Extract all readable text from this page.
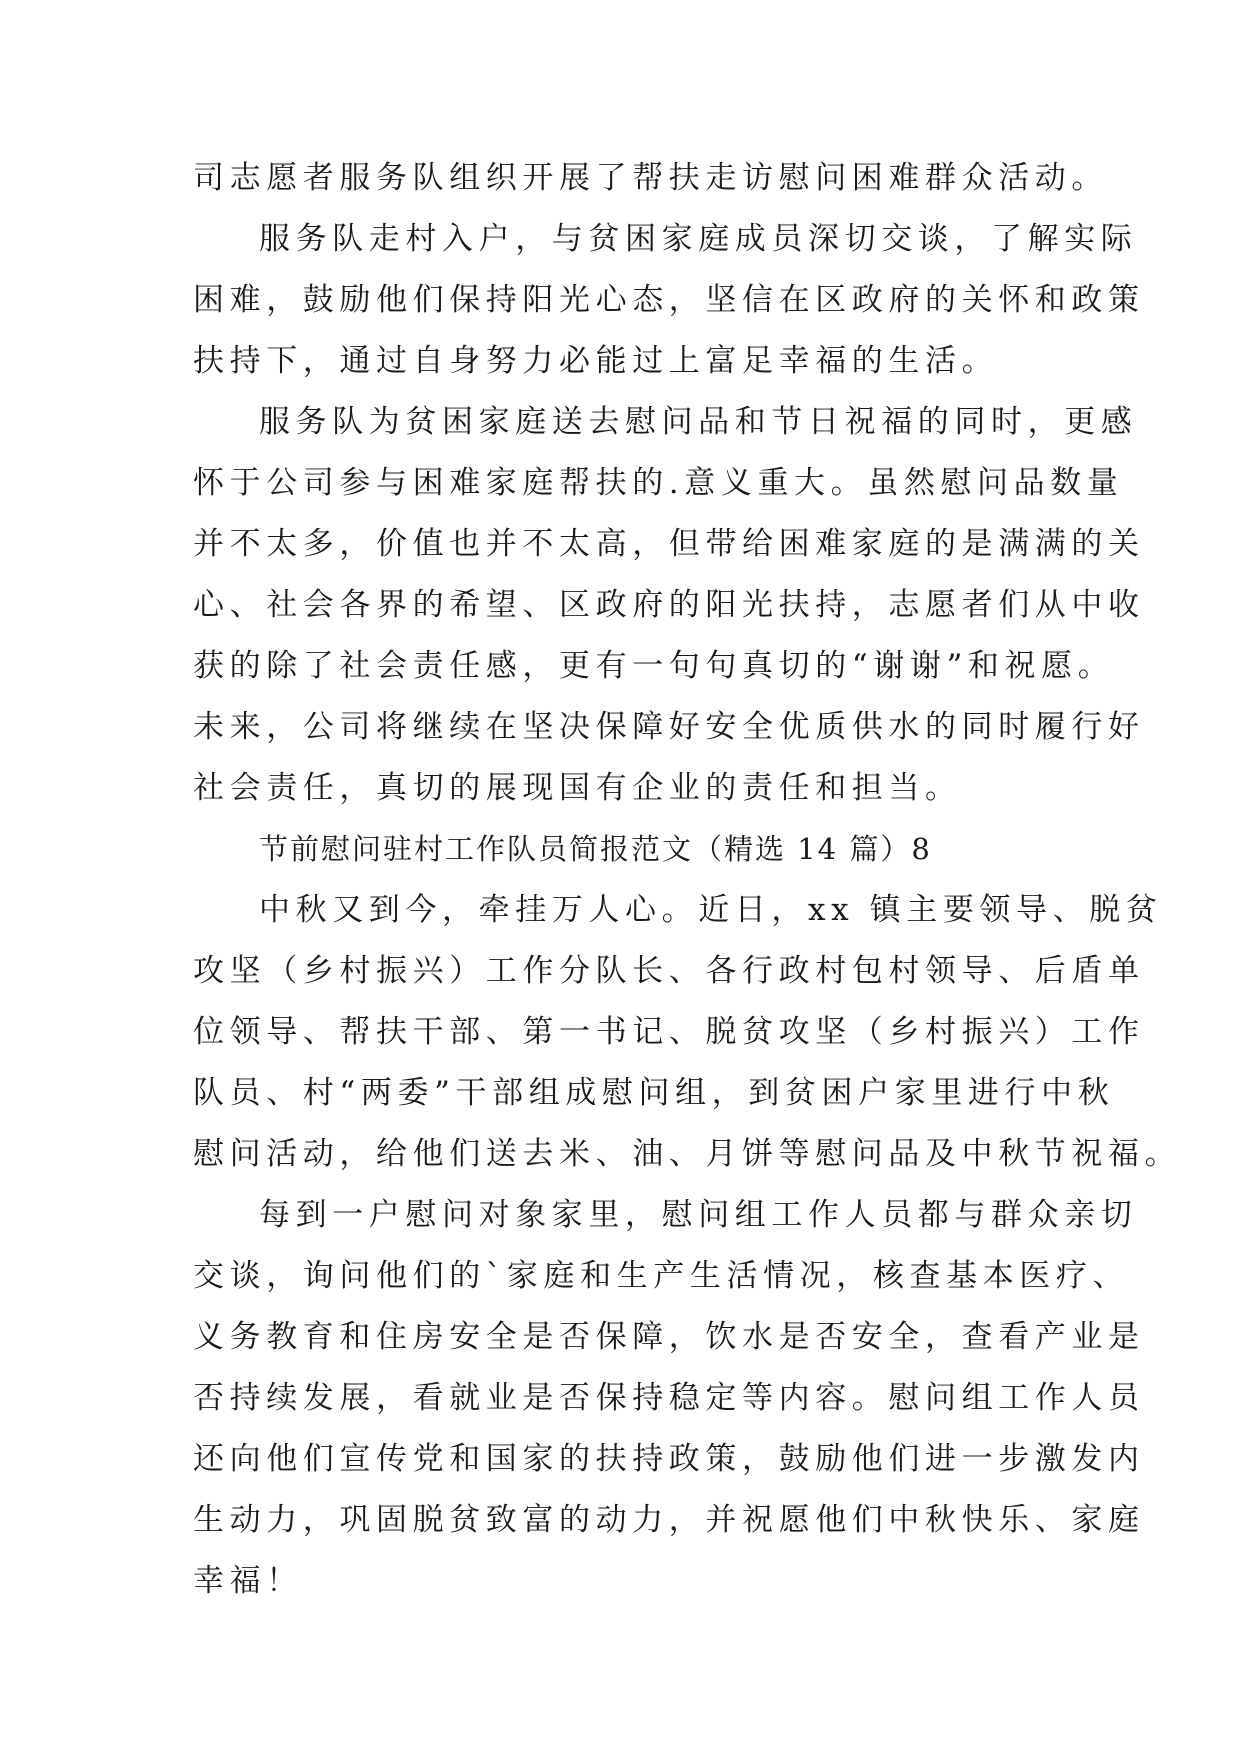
司志愿者服务队组织开展了帮扶走访慰问困难群众活动。
服务队走村入户，与贫困家庭成员深切交谈，了解实际
困难，鼓励他们保持阳光心态，坚信在区政府的关怀和政策
扶持下，通过自身努力必能过上富足幸福的生活。
服务队为贫困家庭送去慰问品和节日祝福的同时，更感
怀于公司参与困难家庭帮扶的.意义重大。虽然慰问品数量
并不太多，价值也并不太高，但带给困难家庭的是满满的关
心、社会各界的希望、区政府的阳光扶持，志愿者们从中收
获的除了社会责任感，更有一句句真切的“谢谢”和祝愿。
未来，公司将继续在坚决保障好安全优质供水的同时履行好
社会责任，真切的展现国有企业的责任和担当。
节前慰问驻村工作队员简报范文（精选 14 篇）8
中秋又到今，牵挂万人心。近日，xx 镇主要领导、脱贫
攻坚（乡村振兴）工作分队长、各行政村包村领导、后盾单
位领导、帮扶干部、第一书记、脱贫攻坚（乡村振兴）工作
队员、村“两委”干部组成慰问组，到贫困户家里进行中秋
慰问活动，给他们送去米、油、月饼等慰问品及中秋节祝福。
每到一户慰问对象家里，慰问组工作人员都与群众亲切
交谈，询问他们的`家庭和生产生活情况，核查基本医疗、
义务教育和住房安全是否保障，饮水是否安全，查看产业是
否持续发展，看就业是否保持稳定等内容。慰问组工作人员
还向他们宣传党和国家的扶持政策，鼓励他们进一步激发内
生动力，巩固脱贫致富的动力，并祝愿他们中秋快乐、家庭
幸福！
